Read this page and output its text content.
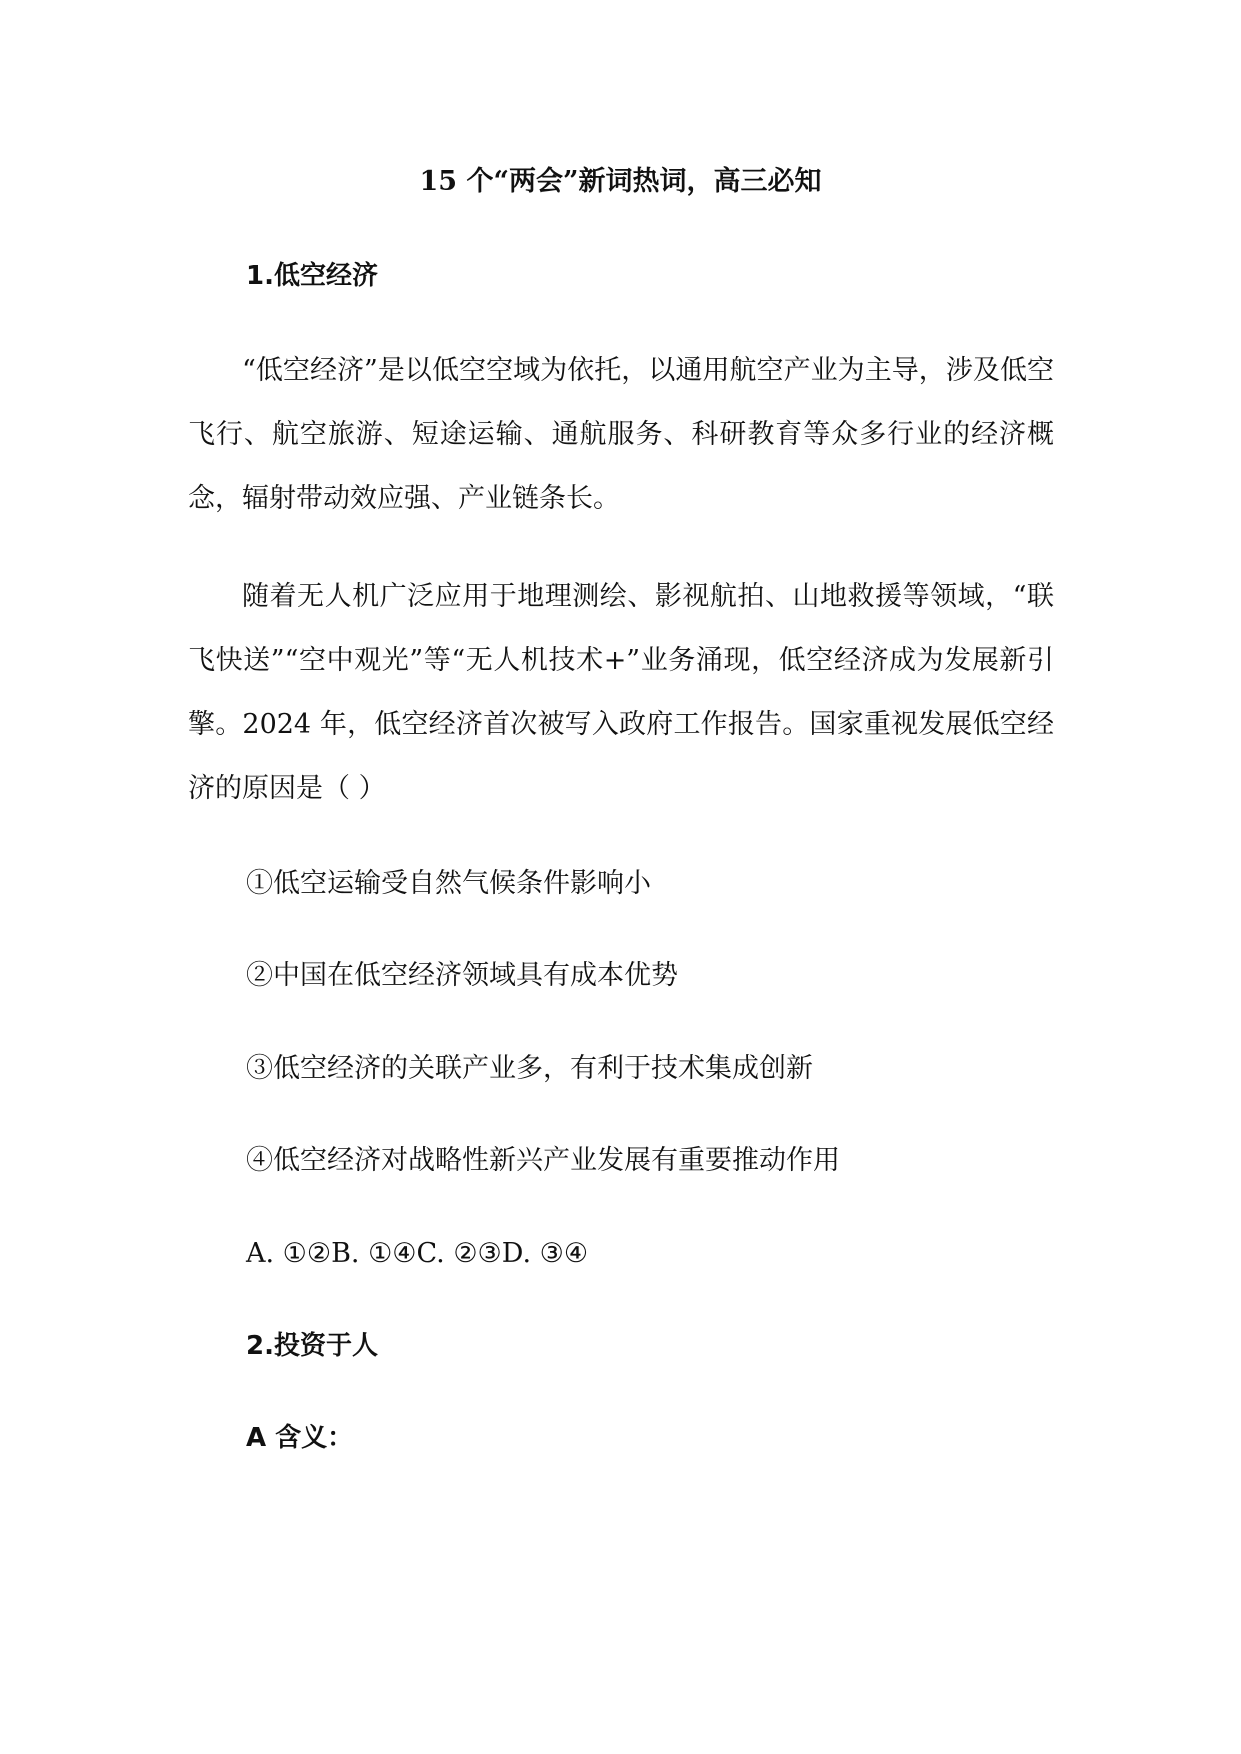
15 个“两会”新词热词，高三必知
1.低空经济

“低空经济”是以低空空域为依托，以通用航空产业为主导，涉及低空飞行、航空旅游、短途运输、通航服务、科研教育等众多行业的经济概念，辐射带动效应强、产业链条长。

随着无人机广泛应用于地理测绘、影视航拍、山地救援等领域，“联飞快送”“空中观光”等“无人机技术+”业务涌现，低空经济成为发展新引擎。2024 年，低空经济首次被写入政府工作报告。国家重视发展低空经济的原因是（ ）

①低空运输受自然气候条件影响小
②中国在低空经济领域具有成本优势
③低空经济的关联产业多，有利于技术集成创新
④低空经济对战略性新兴产业发展有重要推动作用
A. ①②B. ①④C. ②③D. ③④
2.投资于人
A 含义：
